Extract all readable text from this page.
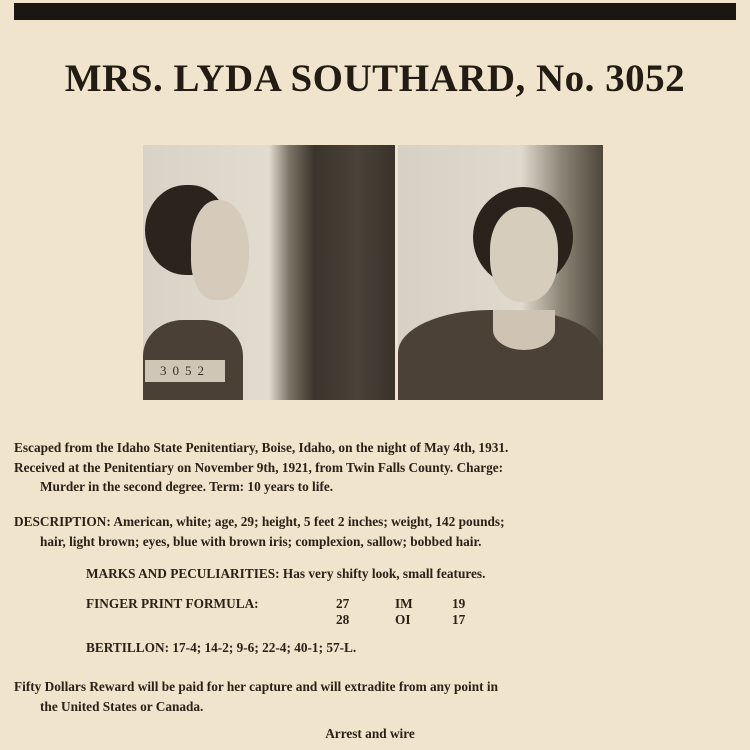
MRS. LYDA SOUTHARD, No. 3052
3052
Escaped from the Idaho State Penitentiary, Boise, Idaho, on the night of May 4th, 1931.
Received at the Penitentiary on November 9th, 1921, from Twin Falls County. Charge:
Murder in the second degree. Term: 10 years to life.
DESCRIPTION: American, white; age, 29; height, 5 feet 2 inches; weight, 142 pounds;
hair, light brown; eyes, blue with brown iris; complexion, sallow; bobbed hair.
MARKS AND PECULIARITIES: Has very shifty look, small features.
FINGER PRINT FORMULA:	27
28
IM
OI
19
17
BERTILLON: 17-4; 14-2; 9-6; 22-4; 40-1; 57-L.
Fifty Dollars Reward will be paid for her capture and will extradite from any point in
the United States or Canada.
Arrest and wire
